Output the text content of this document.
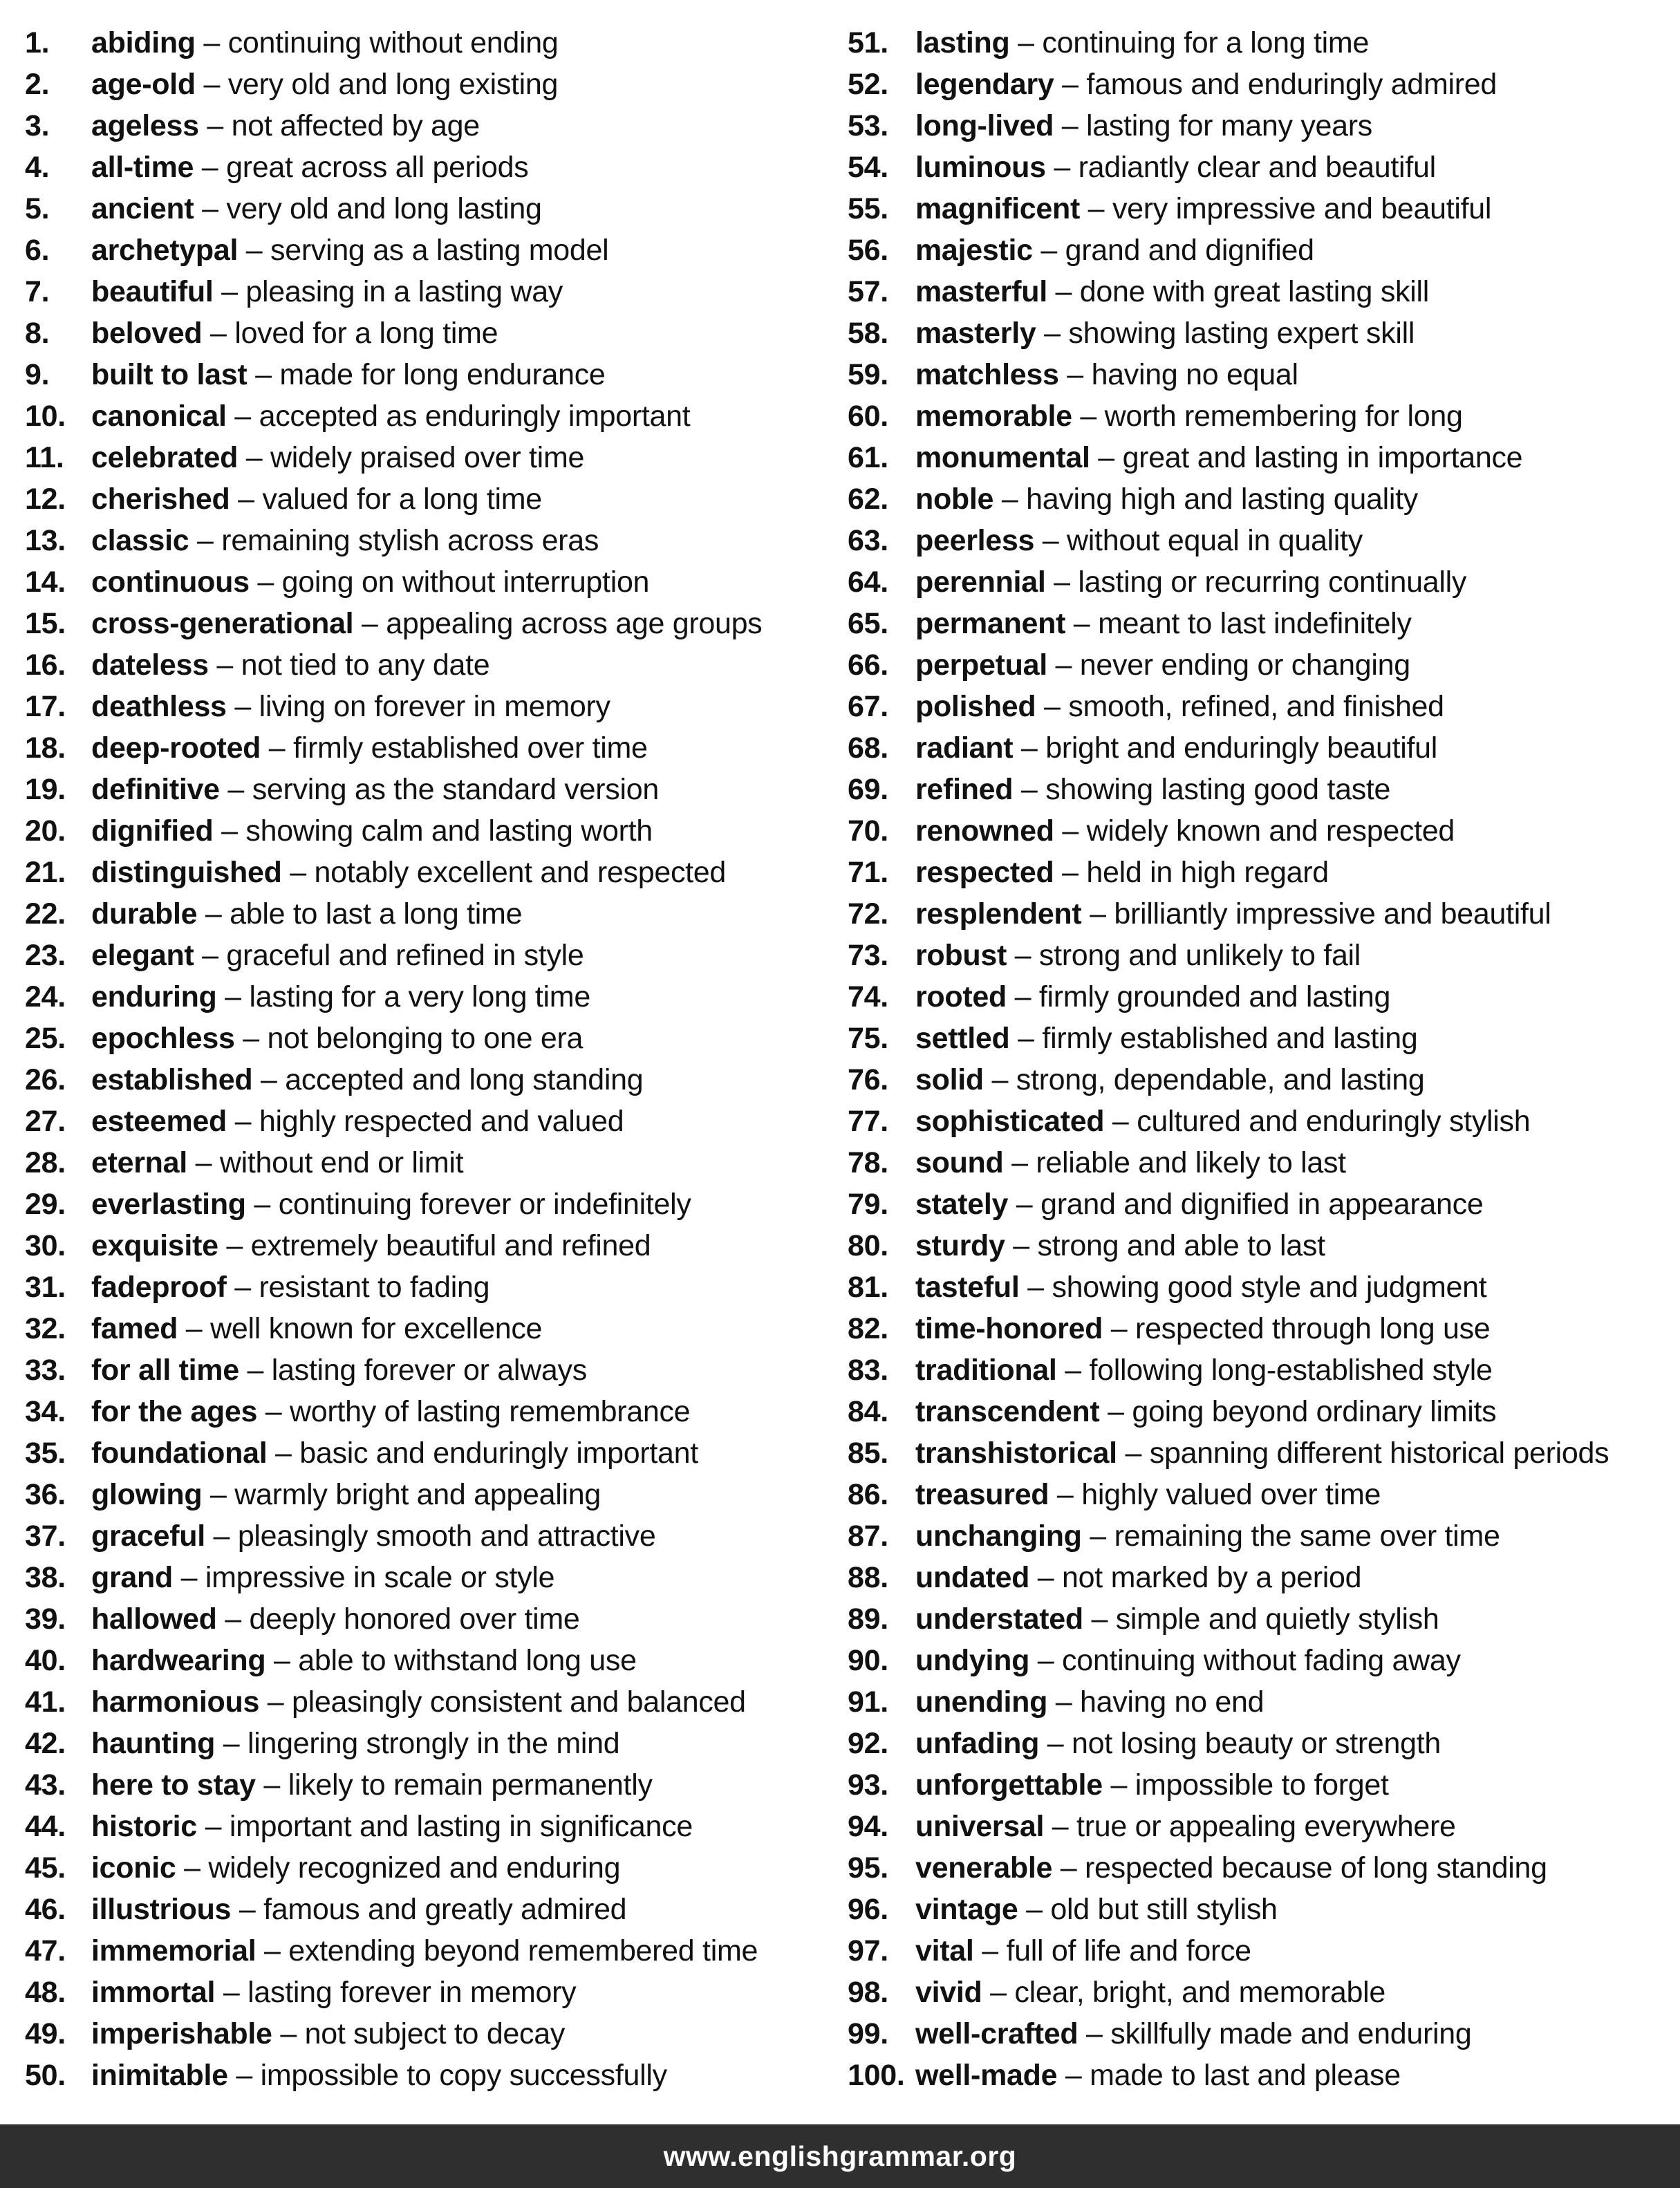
1.	abiding – continuing without ending
2.	age-old – very old and long existing
3.	ageless – not affected by age
4.	all-time – great across all periods
5.	ancient – very old and long lasting
6.	archetypal – serving as a lasting model
7.	beautiful – pleasing in a lasting way
8.	beloved – loved for a long time
9.	built to last – made for long endurance
10. canonical – accepted as enduringly important
11. celebrated – widely praised over time
12. cherished – valued for a long time
13. classic – remaining stylish across eras
14. continuous – going on without interruption
15. cross-generational – appealing across age groups
16. dateless – not tied to any date
17. deathless – living on forever in memory
18. deep-rooted – firmly established over time
19. definitive – serving as the standard version
20. dignified – showing calm and lasting worth
21. distinguished – notably excellent and respected
22. durable – able to last a long time
23. elegant – graceful and refined in style
24. enduring – lasting for a very long time
25. epochless – not belonging to one era
26. established – accepted and long standing
27. esteemed – highly respected and valued
28. eternal – without end or limit
29. everlasting – continuing forever or indefinitely
30. exquisite – extremely beautiful and refined
31. fadeproof – resistant to fading
32. famed – well known for excellence
33. for all time – lasting forever or always
34. for the ages – worthy of lasting remembrance
35. foundational – basic and enduringly important
36. glowing – warmly bright and appealing
37. graceful – pleasingly smooth and attractive
38. grand – impressive in scale or style
39. hallowed – deeply honored over time
40. hardwearing – able to withstand long use
41. harmonious – pleasingly consistent and balanced
42. haunting – lingering strongly in the mind
43. here to stay – likely to remain permanently
44. historic – important and lasting in significance
45. iconic – widely recognized and enduring
46. illustrious – famous and greatly admired
47. immemorial – extending beyond remembered time
48. immortal – lasting forever in memory
49. imperishable – not subject to decay
50. inimitable – impossible to copy successfully
51. lasting – continuing for a long time
52. legendary – famous and enduringly admired
53. long-lived – lasting for many years
54. luminous – radiantly clear and beautiful
55. magnificent – very impressive and beautiful
56. majestic – grand and dignified
57. masterful – done with great lasting skill
58. masterly – showing lasting expert skill
59. matchless – having no equal
60. memorable – worth remembering for long
61. monumental – great and lasting in importance
62. noble – having high and lasting quality
63. peerless – without equal in quality
64. perennial – lasting or recurring continually
65. permanent – meant to last indefinitely
66. perpetual – never ending or changing
67. polished – smooth, refined, and finished
68. radiant – bright and enduringly beautiful
69. refined – showing lasting good taste
70. renowned – widely known and respected
71. respected – held in high regard
72. resplendent – brilliantly impressive and beautiful
73. robust – strong and unlikely to fail
74. rooted – firmly grounded and lasting
75. settled – firmly established and lasting
76. solid – strong, dependable, and lasting
77. sophisticated – cultured and enduringly stylish
78. sound – reliable and likely to last
79. stately – grand and dignified in appearance
80. sturdy – strong and able to last
81. tasteful – showing good style and judgment
82. time-honored – respected through long use
83. traditional – following long-established style
84. transcendent – going beyond ordinary limits
85. transhistorical – spanning different historical periods
86. treasured – highly valued over time
87. unchanging – remaining the same over time
88. undated – not marked by a period
89. understated – simple and quietly stylish
90. undying – continuing without fading away
91. unending – having no end
92. unfading – not losing beauty or strength
93. unforgettable – impossible to forget
94. universal – true or appealing everywhere
95. venerable – respected because of long standing
96. vintage – old but still stylish
97. vital – full of life and force
98. vivid – clear, bright, and memorable
99. well-crafted – skillfully made and enduring
100. well-made – made to last and please
www.englishgrammar.org
